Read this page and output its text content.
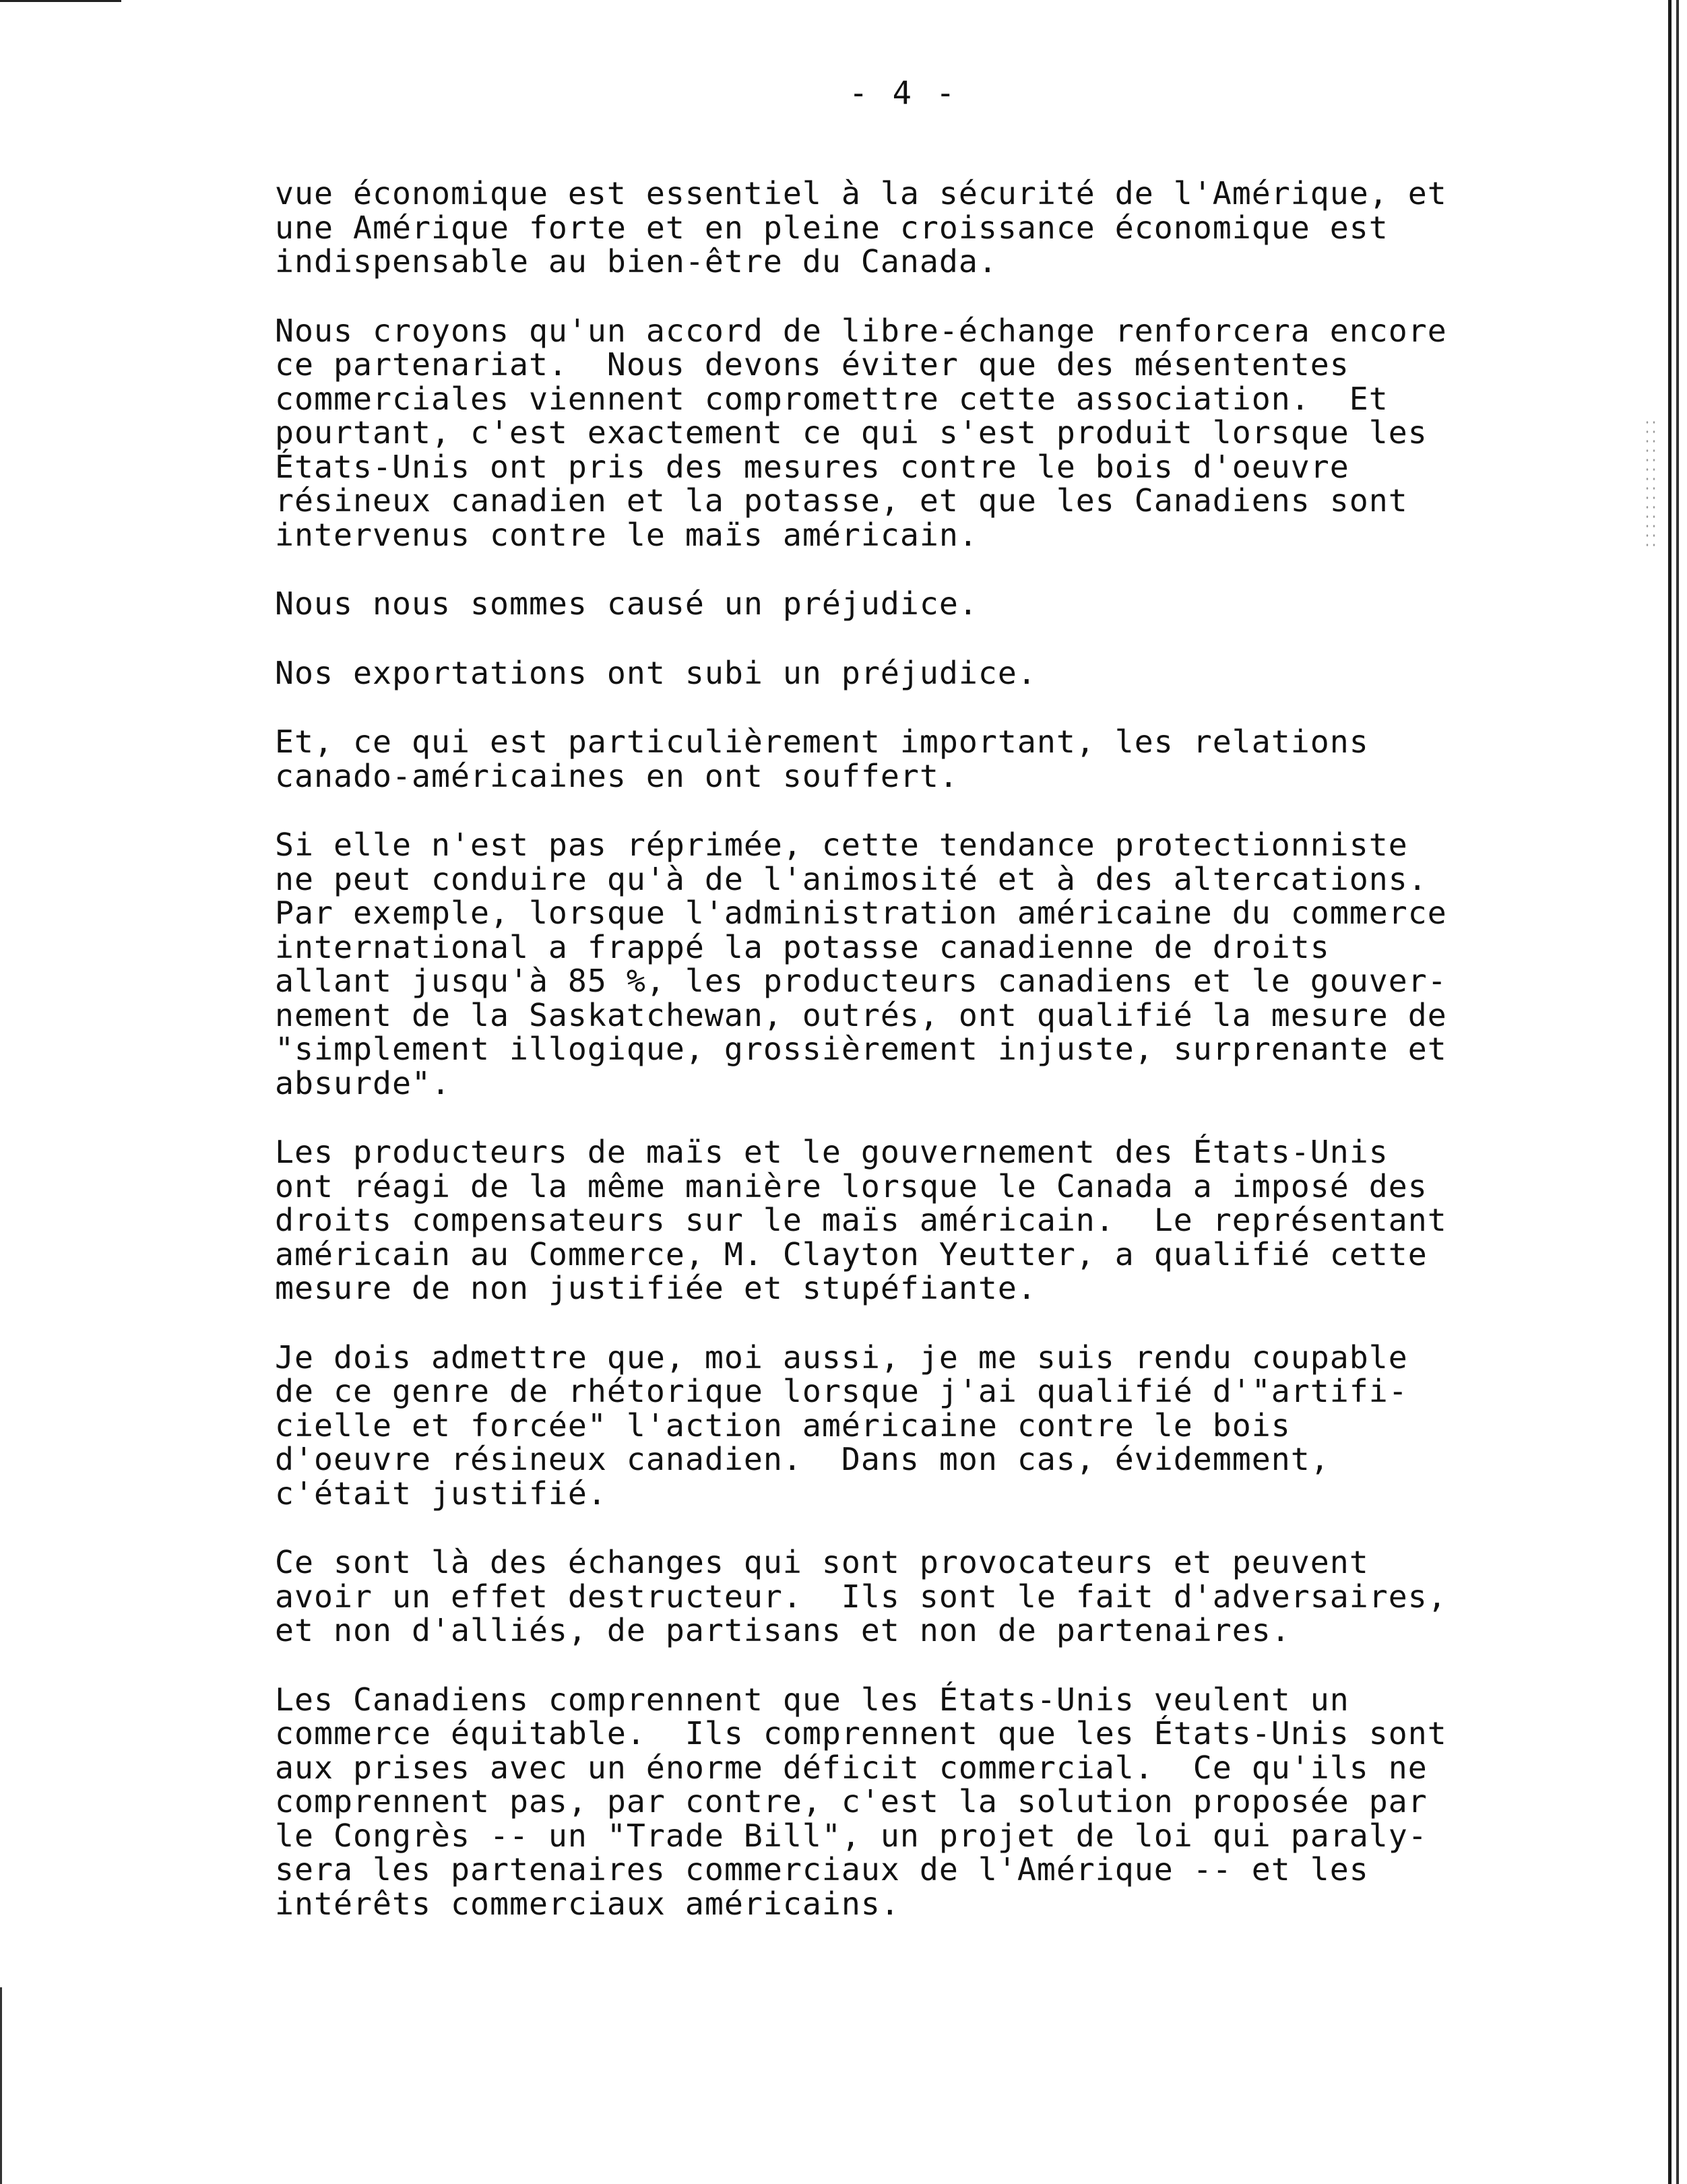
- 4 -
vue économique est essentiel à la sécurité de l'Amérique, et
une Amérique forte et en pleine croissance économique est
indispensable au bien-être du Canada.
Nous croyons qu'un accord de libre-échange renforcera encore
ce partenariat.  Nous devons éviter que des mésententes
commerciales viennent compromettre cette association.  Et
pourtant, c'est exactement ce qui s'est produit lorsque les
États-Unis ont pris des mesures contre le bois d'oeuvre
résineux canadien et la potasse, et que les Canadiens sont
intervenus contre le maïs américain.
Nous nous sommes causé un préjudice.
Nos exportations ont subi un préjudice.
Et, ce qui est particulièrement important, les relations
canado-américaines en ont souffert.
Si elle n'est pas réprimée, cette tendance protectionniste
ne peut conduire qu'à de l'animosité et à des altercations.
Par exemple, lorsque l'administration américaine du commerce
international a frappé la potasse canadienne de droits
allant jusqu'à 85 %, les producteurs canadiens et le gouver-
nement de la Saskatchewan, outrés, ont qualifié la mesure de
"simplement illogique, grossièrement injuste, surprenante et
absurde".
Les producteurs de maïs et le gouvernement des États-Unis
ont réagi de la même manière lorsque le Canada a imposé des
droits compensateurs sur le maïs américain.  Le représentant
américain au Commerce, M. Clayton Yeutter, a qualifié cette
mesure de non justifiée et stupéfiante.
Je dois admettre que, moi aussi, je me suis rendu coupable
de ce genre de rhétorique lorsque j'ai qualifié d'"artifi-
cielle et forcée" l'action américaine contre le bois
d'oeuvre résineux canadien.  Dans mon cas, évidemment,
c'était justifié.
Ce sont là des échanges qui sont provocateurs et peuvent
avoir un effet destructeur.  Ils sont le fait d'adversaires,
et non d'alliés, de partisans et non de partenaires.
Les Canadiens comprennent que les États-Unis veulent un
commerce équitable.  Ils comprennent que les États-Unis sont
aux prises avec un énorme déficit commercial.  Ce qu'ils ne
comprennent pas, par contre, c'est la solution proposée par
le Congrès -- un "Trade Bill", un projet de loi qui paraly-
sera les partenaires commerciaux de l'Amérique -- et les
intérêts commerciaux américains.
